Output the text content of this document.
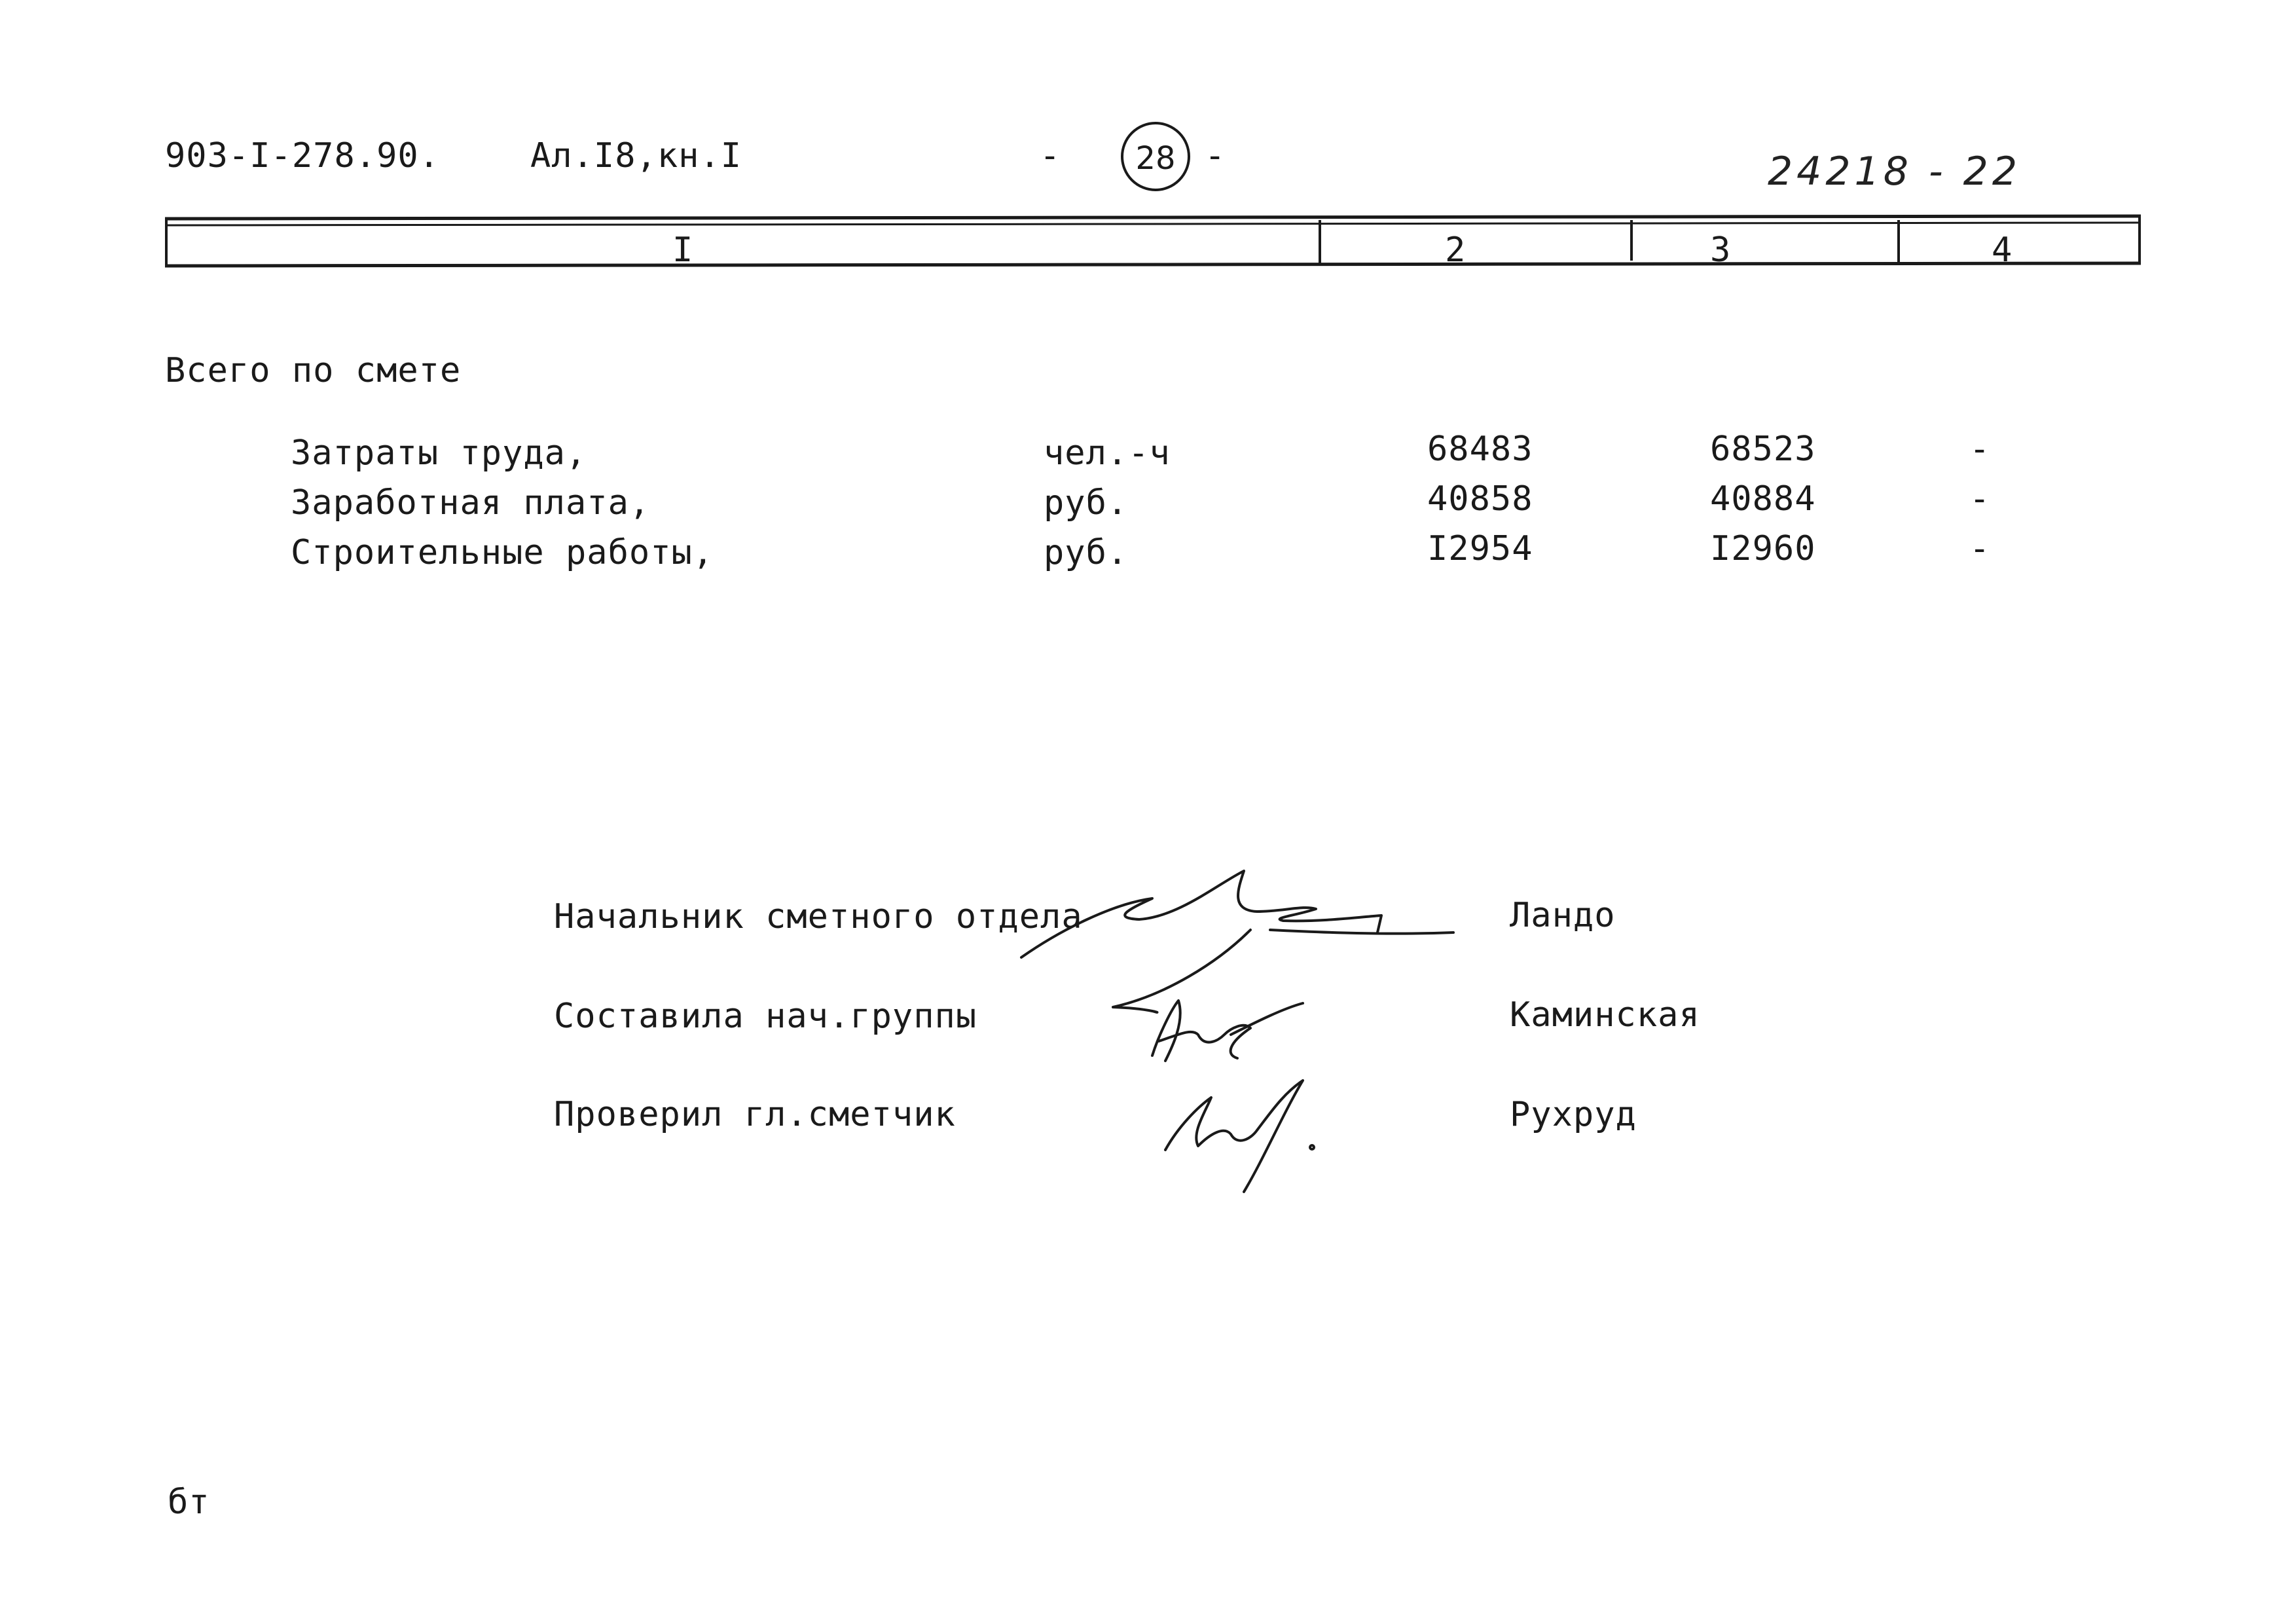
903-I-278.90.	Ал.I8,кн.I	-	28 -	24218 - 22
I	2	3	4
Всего по смете
Затраты труда,	чел.-ч	68483	68523	-
Заработная плата,	руб.	40858	40884	-
Строительные работы,	руб.	I2954	I2960	-
Начальник сметного отдела	Ландо
Составила нач.группы	Каминская
Проверил гл.сметчик	Рухруд
бт
